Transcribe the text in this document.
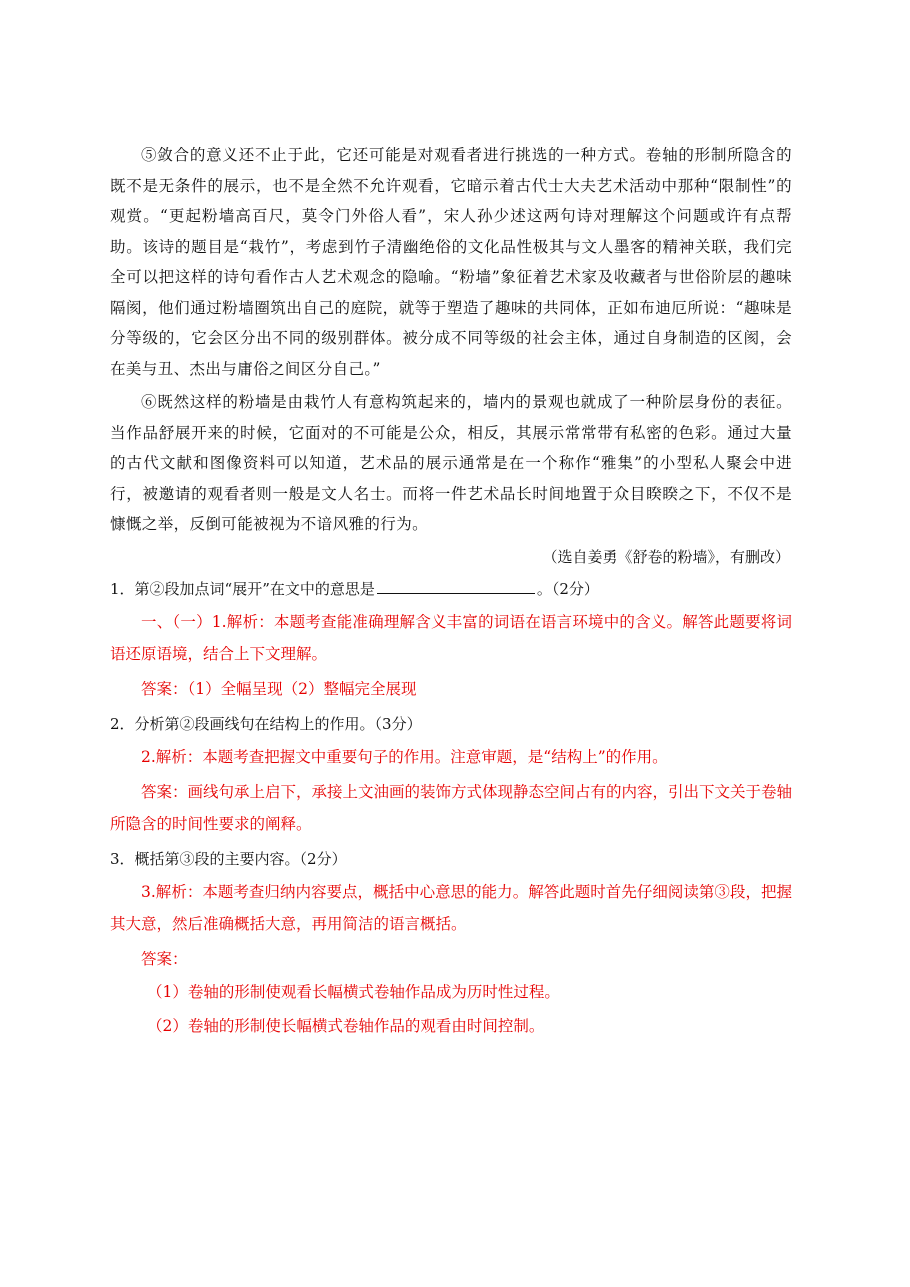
⑤敛合的意义还不止于此，它还可能是对观看者进行挑选的一种方式。卷轴的形制所隐含的既不是无条件的展示，也不是全然不允许观看，它暗示着古代士大夫艺术活动中那种“限制性”的观赏。“更起粉墙高百尺，莫令门外俗人看”，宋人孙少述这两句诗对理解这个问题或许有点帮助。该诗的题目是“栽竹”，考虑到竹子清幽绝俗的文化品性极其与文人墨客的精神关联，我们完全可以把这样的诗句看作古人艺术观念的隐喻。“粉墙”象征着艺术家及收藏者与世俗阶层的趣味隔阂，他们通过粉墙圈筑出自己的庭院，就等于塑造了趣味的共同体，正如布迪厄所说：“趣味是分等级的，它会区分出不同的级别群体。被分成不同等级的社会主体，通过自身制造的区阂，会在美与丑、杰出与庸俗之间区分自己。”

⑥既然这样的粉墙是由栽竹人有意构筑起来的，墙内的景观也就成了一种阶层身份的表征。当作品舒展开来的时候，它面对的不可能是公众，相反，其展示常常带有私密的色彩。通过大量的古代文献和图像资料可以知道，艺术品的展示通常是在一个称作“雅集”的小型私人聚会中进行，被邀请的观看者则一般是文人名士。而将一件艺术品长时间地置于众目睽睽之下，不仅不是慷慨之举，反倒可能被视为不谙风雅的行为。

（选自姜勇《舒卷的粉墙》，有删改）

1．第②段加点词“展开”在文中的意思是	。（2分）

一、（一）1.解析：本题考查能准确理解含义丰富的词语在语言环境中的含义。解答此题要将词语还原语境，结合上下文理解。

答案：（1）全幅呈现（2）整幅完全展现

2．分析第②段画线句在结构上的作用。（3分）

2.解析：本题考查把握文中重要句子的作用。注意审题，是“结构上”的作用。

答案：画线句承上启下，承接上文油画的装饰方式体现静态空间占有的内容，引出下文关于卷轴所隐含的时间性要求的阐释。

3．概括第③段的主要内容。（2分）

3.解析：本题考查归纳内容要点，概括中心意思的能力。解答此题时首先仔细阅读第③段，把握其大意，然后准确概括大意，再用简洁的语言概括。

答案：

（1）卷轴的形制使观看长幅横式卷轴作品成为历时性过程。

（2）卷轴的形制使长幅横式卷轴作品的观看由时间控制。
